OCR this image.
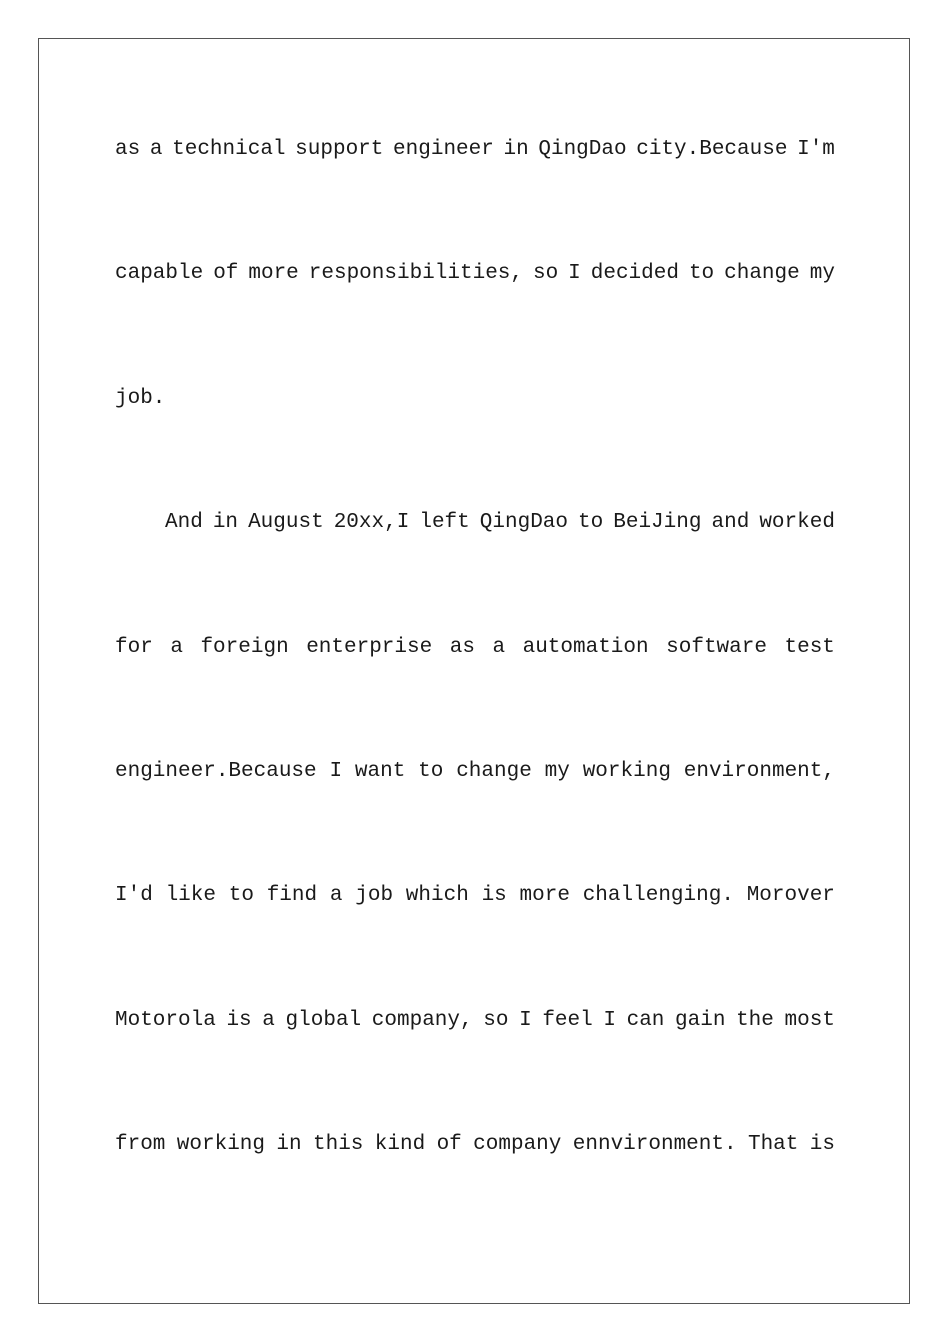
as a technical support engineer in QingDao city.Because I'm
capable of more responsibilities, so I decided to change my
job.
And in August 20xx,I left QingDao to BeiJing and worked
for a foreign enterprise as a automation software test
engineer.Because I want to change my working environment,
I'd like to find a job which is more challenging. Morover
Motorola is a global company, so I feel I can gain the most
from working in this kind of company ennvironment. That is
